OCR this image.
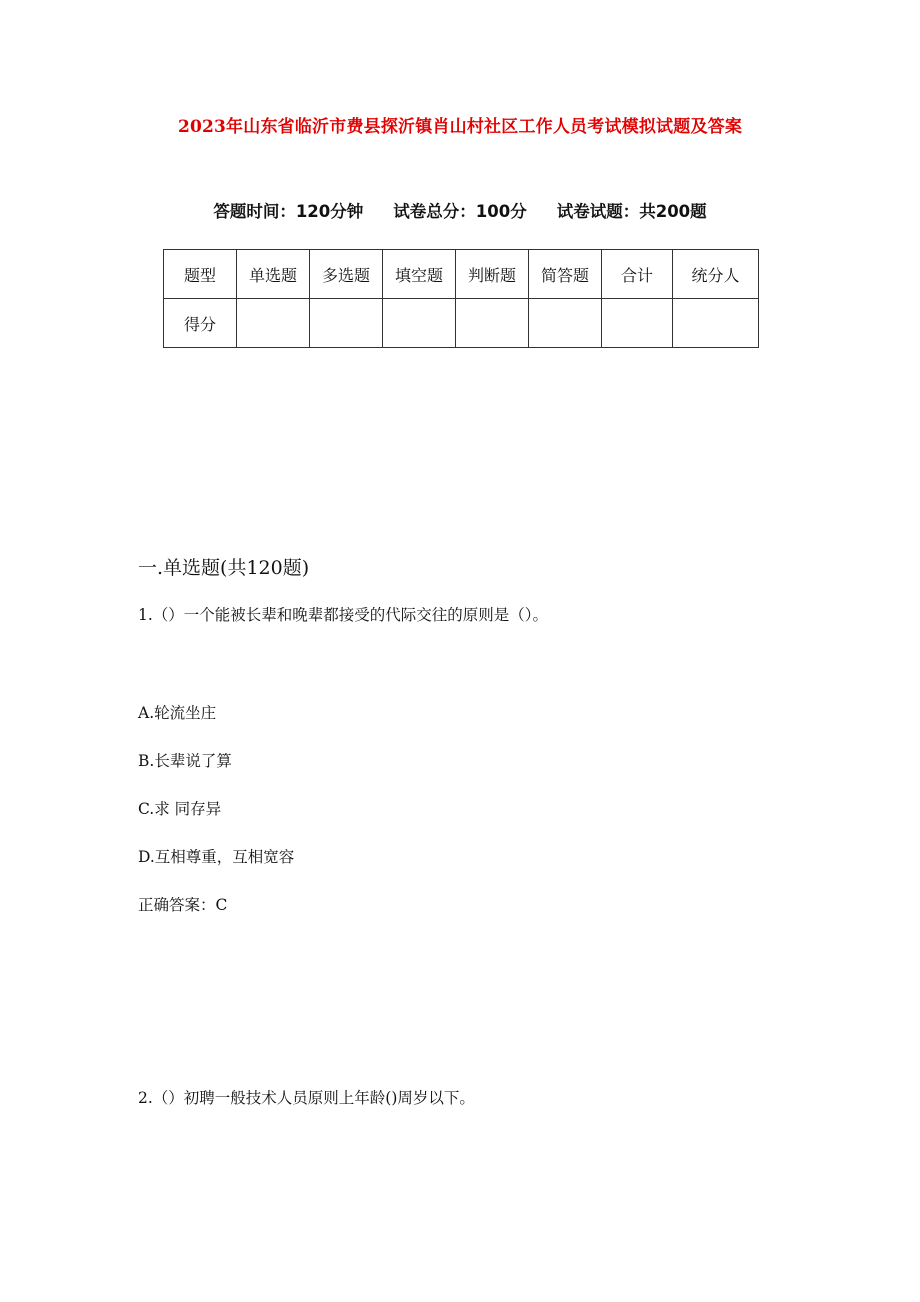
2023年山东省临沂市费县探沂镇肖山村社区工作人员考试模拟试题及答案
答题时间：120分钟 试卷总分：100分 试卷试题：共200题
题型	单选题	多选题	填空题	判断题	简答题	合计	统分人
得分							
一.单选题(共120题)
1.（）一个能被长辈和晚辈都接受的代际交往的原则是（）。
A.轮流坐庄
B.长辈说了算
C.求 同存异
D.互相尊重，互相宽容
正确答案：C
2.（）初聘一般技术人员原则上年龄()周岁以下。
